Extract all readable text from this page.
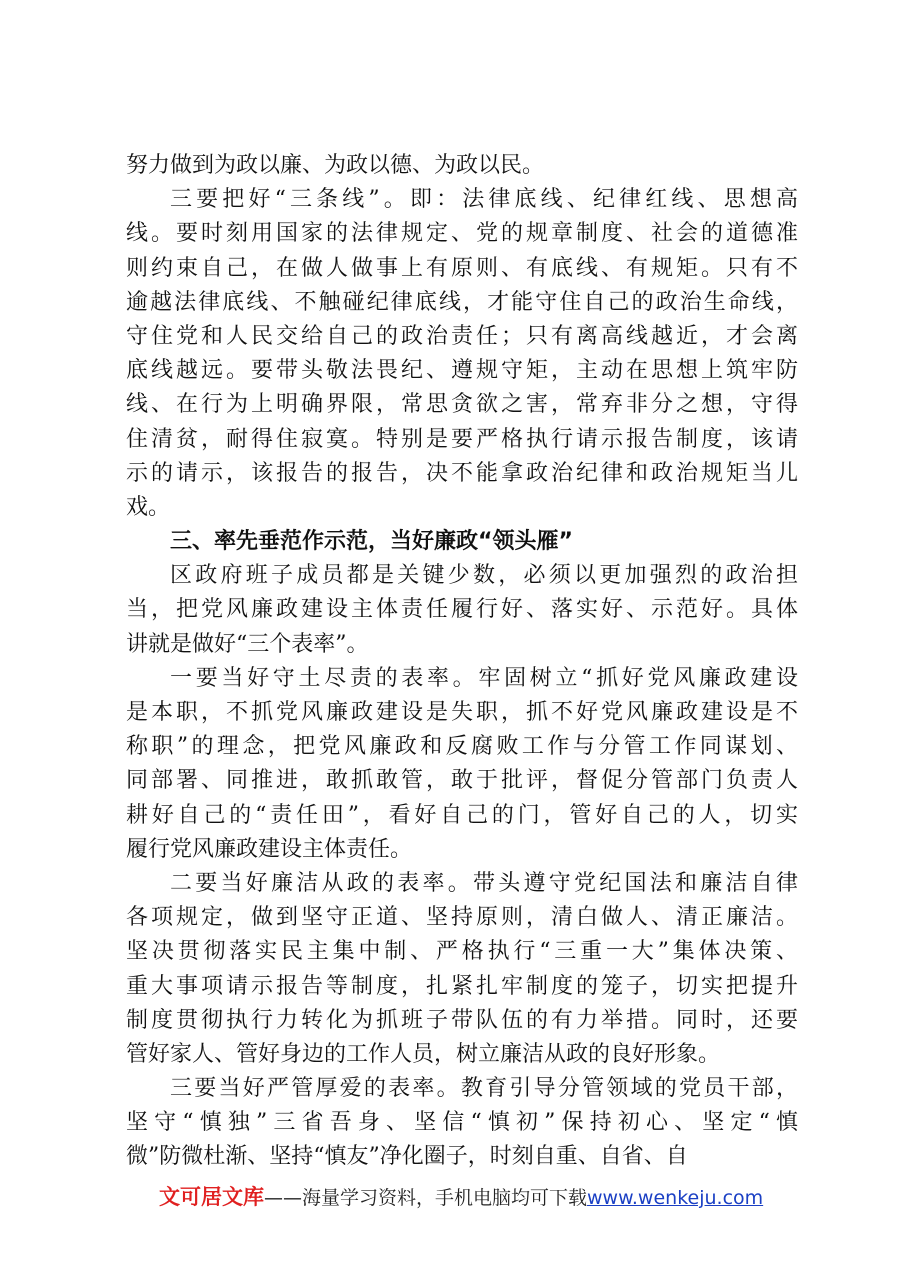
努力做到为政以廉、为政以德、为政以民。
三要把好“三条线”。即：法律底线、纪律红线、思想高
线。要时刻用国家的法律规定、党的规章制度、社会的道德准
则约束自己，在做人做事上有原则、有底线、有规矩。只有不
逾越法律底线、不触碰纪律底线，才能守住自己的政治生命线，
守住党和人民交给自己的政治责任；只有离高线越近，才会离
底线越远。要带头敬法畏纪、遵规守矩，主动在思想上筑牢防
线、在行为上明确界限，常思贪欲之害，常弃非分之想，守得
住清贫，耐得住寂寞。特别是要严格执行请示报告制度，该请
示的请示，该报告的报告，决不能拿政治纪律和政治规矩当儿
戏。
三、率先垂范作示范，当好廉政“领头雁”
区政府班子成员都是关键少数，必须以更加强烈的政治担
当，把党风廉政建设主体责任履行好、落实好、示范好。具体
讲就是做好“三个表率”。
一要当好守土尽责的表率。牢固树立“抓好党风廉政建设
是本职，不抓党风廉政建设是失职，抓不好党风廉政建设是不
称职”的理念，把党风廉政和反腐败工作与分管工作同谋划、
同部署、同推进，敢抓敢管，敢于批评，督促分管部门负责人
耕好自己的“责任田”，看好自己的门，管好自己的人，切实
履行党风廉政建设主体责任。
二要当好廉洁从政的表率。带头遵守党纪国法和廉洁自律
各项规定，做到坚守正道、坚持原则，清白做人、清正廉洁。
坚决贯彻落实民主集中制、严格执行“三重一大”集体决策、
重大事项请示报告等制度，扎紧扎牢制度的笼子，切实把提升
制度贯彻执行力转化为抓班子带队伍的有力举措。同时，还要
管好家人、管好身边的工作人员，树立廉洁从政的良好形象。
三要当好严管厚爱的表率。教育引导分管领域的党员干部，
坚守“慎独”三省吾身、坚信“慎初”保持初心、坚定“慎
微”防微杜渐、坚持“慎友”净化圈子，时刻自重、自省、自
文可居文库——海量学习资料，手机电脑均可下载www.wenkeju.com
